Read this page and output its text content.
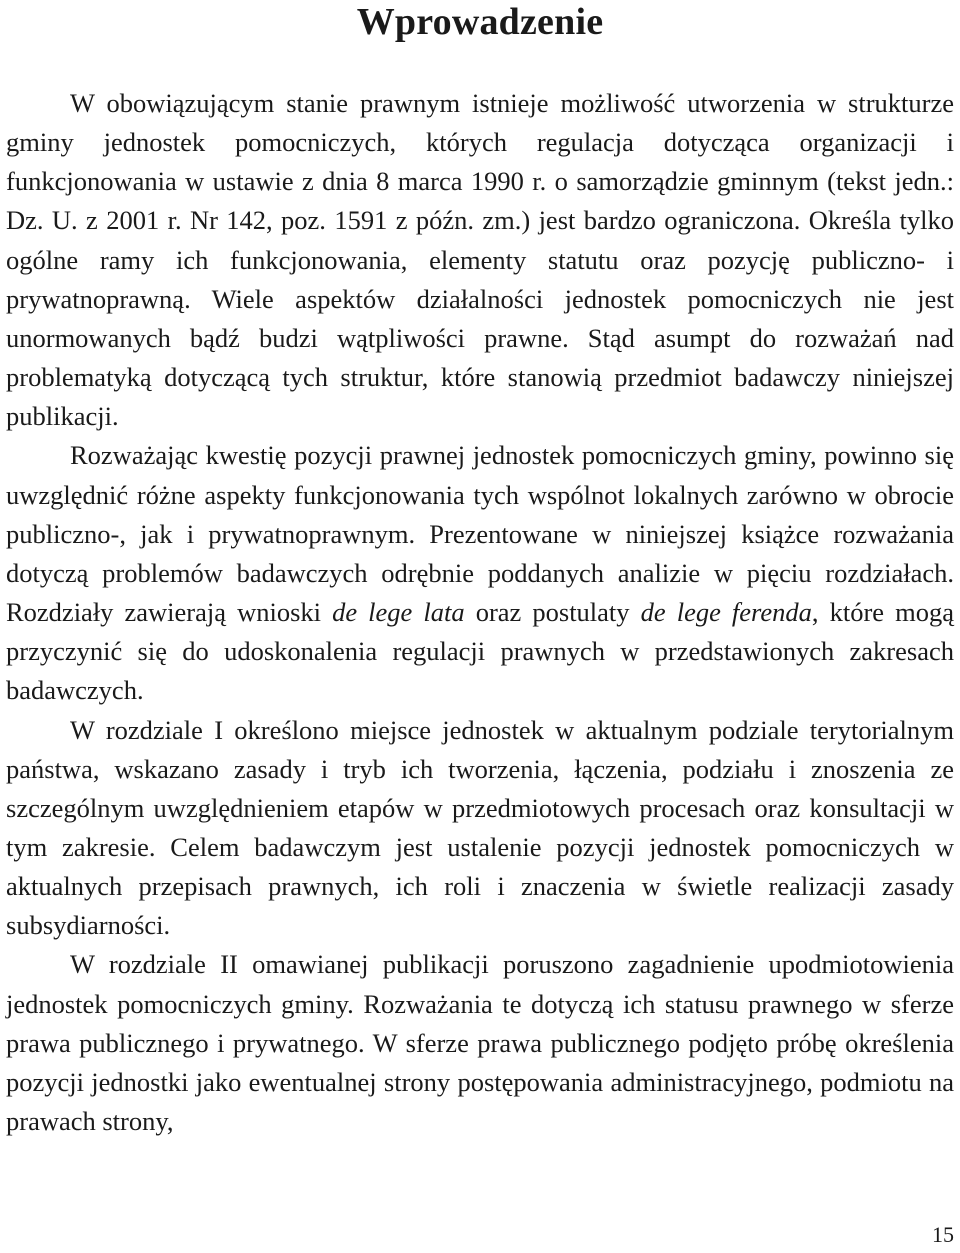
Wprowadzenie

W obowiązującym stanie prawnym istnieje możliwość utworzenia w strukturze gminy jednostek pomocniczych, których regulacja dotycząca organizacji i funkcjonowania w ustawie z dnia 8 marca 1990 r. o samorządzie gminnym (tekst jedn.: Dz. U. z 2001 r. Nr 142, poz. 1591 z późn. zm.) jest bardzo ograniczona. Określa tylko ogólne ramy ich funkcjonowania, elementy statutu oraz pozycję publiczno- i prywatnoprawną. Wiele aspektów działalności jednostek pomocniczych nie jest unormowanych bądź budzi wątpliwości prawne. Stąd asumpt do rozważań nad problematyką dotyczącą tych struktur, które stanowią przedmiot badawczy niniejszej publikacji.

Rozważając kwestię pozycji prawnej jednostek pomocniczych gminy, powinno się uwzględnić różne aspekty funkcjonowania tych wspólnot lokalnych zarówno w obrocie publiczno-, jak i prywatnoprawnym. Prezentowane w niniejszej książce rozważania dotyczą problemów badawczych odrębnie poddanych analizie w pięciu rozdziałach. Rozdziały zawierają wnioski de lege lata oraz postulaty de lege ferenda, które mogą przyczynić się do udoskonalenia regulacji prawnych w przedstawionych zakresach badawczych.

W rozdziale I określono miejsce jednostek w aktualnym podziale terytorialnym państwa, wskazano zasady i tryb ich tworzenia, łączenia, podziału i znoszenia ze szczególnym uwzględnieniem etapów w przedmiotowych procesach oraz konsultacji w tym zakresie. Celem badawczym jest ustalenie pozycji jednostek pomocniczych w aktualnych przepisach prawnych, ich roli i znaczenia w świetle realizacji zasady subsydiarności.

W rozdziale II omawianej publikacji poruszono zagadnienie upodmiotowienia jednostek pomocniczych gminy. Rozważania te dotyczą ich statusu prawnego w sferze prawa publicznego i prywatnego. W sferze prawa publicznego podjęto próbę określenia pozycji jednostki jako ewentualnej strony postępowania administracyjnego, podmiotu na prawach strony,

15
